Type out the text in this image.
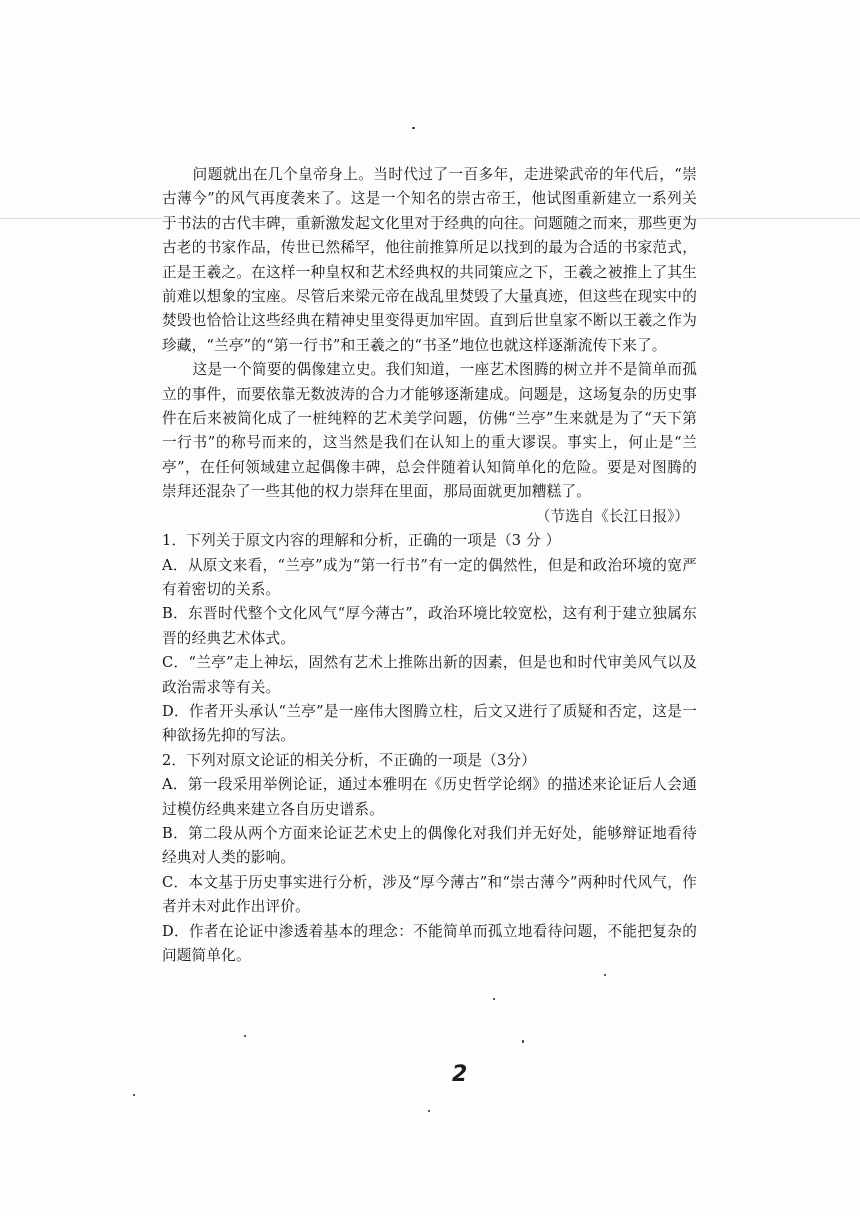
问题就出在几个皇帝身上。当时代过了一百多年，走进梁武帝的年代后，“崇古薄今”的风气再度袭来了。这是一个知名的崇古帝王，他试图重新建立一系列关于书法的古代丰碑，重新激发起文化里对于经典的向往。问题随之而来，那些更为古老的书家作品，传世已然稀罕，他往前推算所足以找到的最为合适的书家范式，正是王羲之。在这样一种皇权和艺术经典权的共同策应之下，王羲之被推上了其生前难以想象的宝座。尽管后来梁元帝在战乱里焚毁了大量真迹，但这些在现实中的焚毁也恰恰让这些经典在精神史里变得更加牢固。直到后世皇家不断以王羲之作为珍藏，“兰亭”的“第一行书”和王羲之的“书圣”地位也就这样逐渐流传下来了。

这是一个简要的偶像建立史。我们知道，一座艺术图腾的树立并不是简单而孤立的事件，而要依靠无数波涛的合力才能够逐渐建成。问题是，这场复杂的历史事件在后来被简化成了一桩纯粹的艺术美学问题，仿佛“兰亭”生来就是为了“天下第一行书”的称号而来的，这当然是我们在认知上的重大谬误。事实上，何止是“兰亭”，在任何领域建立起偶像丰碑，总会伴随着认知简单化的危险。要是对图腾的崇拜还混杂了一些其他的权力崇拜在里面，那局面就更加糟糕了。

（节选自《长江日报》）

1．下列关于原文内容的理解和分析，正确的一项是（3 分 ）

A．从原文来看，“兰亭”成为“第一行书”有一定的偶然性，但是和政治环境的宽严有着密切的关系。

B．东晋时代整个文化风气“厚今薄古”，政治环境比较宽松，这有利于建立独属东晋的经典艺术体式。

C．“兰亭”走上神坛，固然有艺术上推陈出新的因素，但是也和时代审美风气以及政治需求等有关。

D．作者开头承认“兰亭”是一座伟大图腾立柱，后文又进行了质疑和否定，这是一种欲扬先抑的写法。

2．下列对原文论证的相关分析，不正确的一项是（3分）

A．第一段采用举例论证，通过本雅明在《历史哲学论纲》的描述来论证后人会通过模仿经典来建立各自历史谱系。

B．第二段从两个方面来论证艺术史上的偶像化对我们并无好处，能够辩证地看待经典对人类的影响。

C．本文基于历史事实进行分析，涉及“厚今薄古”和“崇古薄今”两种时代风气，作者并未对此作出评价。

D．作者在论证中渗透着基本的理念：不能简单而孤立地看待问题，不能把复杂的问题简单化。

2
